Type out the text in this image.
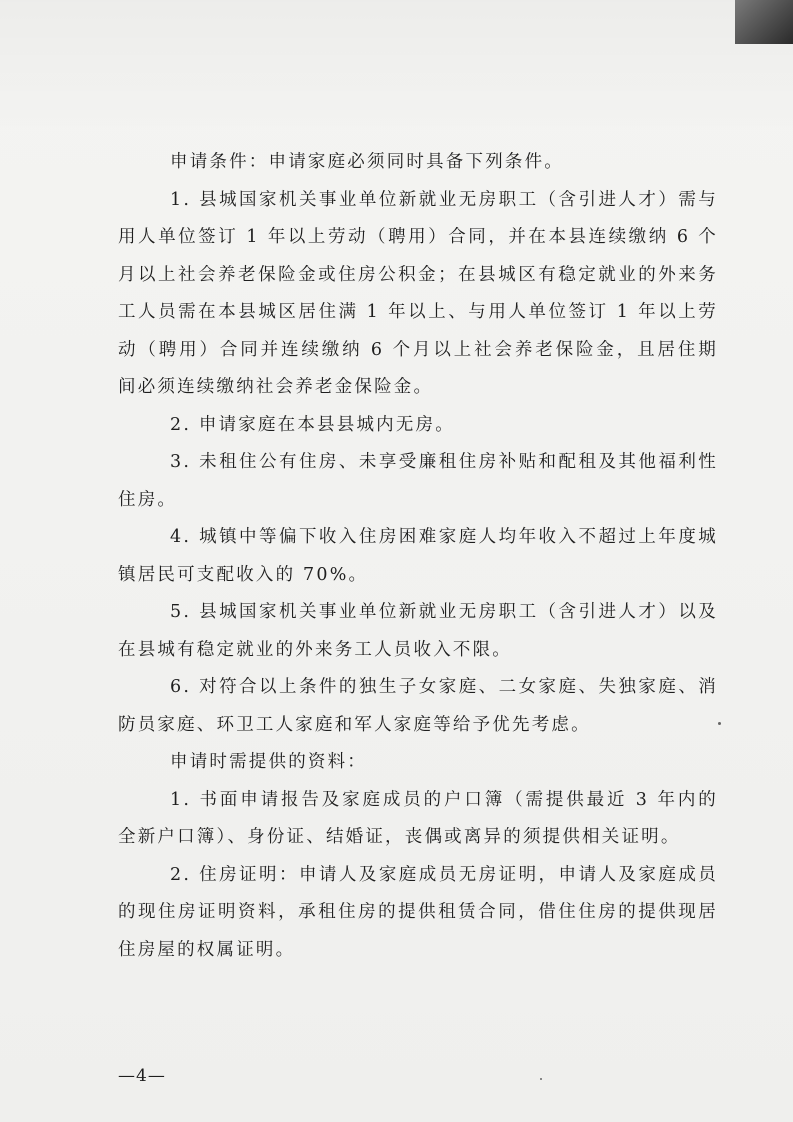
申请条件：申请家庭必须同时具备下列条件。

1. 县城国家机关事业单位新就业无房职工（含引进人才）需与用人单位签订 1 年以上劳动（聘用）合同，并在本县连续缴纳 6 个月以上社会养老保险金或住房公积金；在县城区有稳定就业的外来务工人员需在本县城区居住满 1 年以上、与用人单位签订 1 年以上劳动（聘用）合同并连续缴纳 6 个月以上社会养老保险金，且居住期间必须连续缴纳社会养老金保险金。

2. 申请家庭在本县县城内无房。

3. 未租住公有住房、未享受廉租住房补贴和配租及其他福利性住房。

4. 城镇中等偏下收入住房困难家庭人均年收入不超过上年度城镇居民可支配收入的 70%。

5. 县城国家机关事业单位新就业无房职工（含引进人才）以及在县城有稳定就业的外来务工人员收入不限。

6. 对符合以上条件的独生子女家庭、二女家庭、失独家庭、消防员家庭、环卫工人家庭和军人家庭等给予优先考虑。

申请时需提供的资料：

1. 书面申请报告及家庭成员的户口簿（需提供最近 3 年内的全新户口簿）、身份证、结婚证，丧偶或离异的须提供相关证明。

2. 住房证明：申请人及家庭成员无房证明，申请人及家庭成员的现住房证明资料，承租住房的提供租赁合同，借住住房的提供现居住房屋的权属证明。

—4—
